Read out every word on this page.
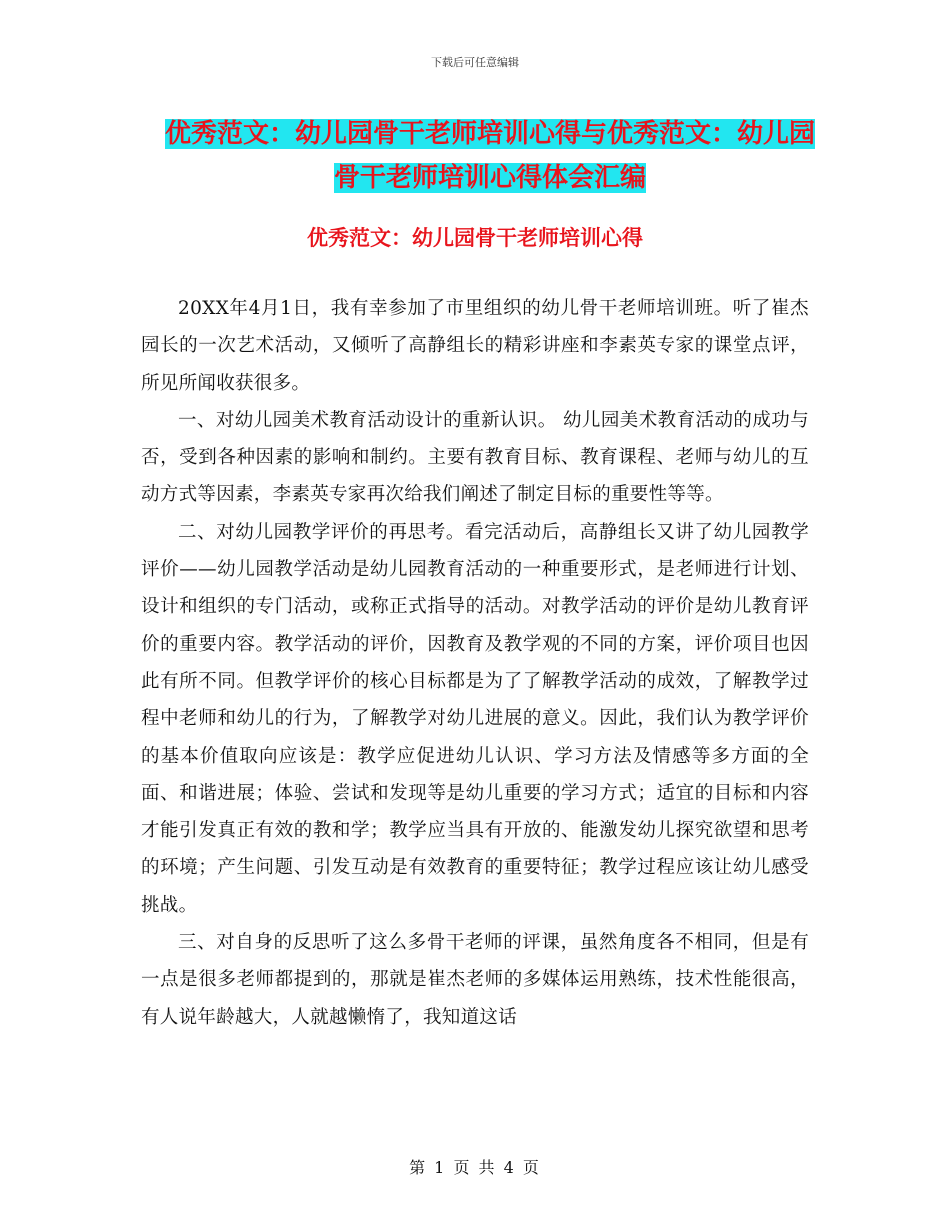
下载后可任意编辑
优秀范文：幼儿园骨干老师培训心得与优秀范文：幼儿园骨干老师培训心得体会汇编
优秀范文：幼儿园骨干老师培训心得

20XX年4月1日，我有幸参加了市里组织的幼儿骨干老师培训班。听了崔杰园长的一次艺术活动，又倾听了高静组长的精彩讲座和李素英专家的课堂点评，所见所闻收获很多。

一、对幼儿园美术教育活动设计的重新认识。 幼儿园美术教育活动的成功与否，受到各种因素的影响和制约。主要有教育目标、教育课程、老师与幼儿的互动方式等因素，李素英专家再次给我们阐述了制定目标的重要性等等。

二、对幼儿园教学评价的再思考。看完活动后，高静组长又讲了幼儿园教学评价——幼儿园教学活动是幼儿园教育活动的一种重要形式，是老师进行计划、设计和组织的专门活动，或称正式指导的活动。对教学活动的评价是幼儿教育评价的重要内容。教学活动的评价，因教育及教学观的不同的方案，评价项目也因此有所不同。但教学评价的核心目标都是为了了解教学活动的成效，了解教学过程中老师和幼儿的行为，了解教学对幼儿进展的意义。因此，我们认为教学评价的基本价值取向应该是：教学应促进幼儿认识、学习方法及情感等多方面的全面、和谐进展；体验、尝试和发现等是幼儿重要的学习方式；适宜的目标和内容才能引发真正有效的教和学；教学应当具有开放的、能激发幼儿探究欲望和思考的环境；产生问题、引发互动是有效教育的重要特征；教学过程应该让幼儿感受挑战。

三、对自身的反思听了这么多骨干老师的评课，虽然角度各不相同，但是有一点是很多老师都提到的，那就是崔杰老师的多媒体运用熟练，技术性能很高，有人说年龄越大，人就越懒惰了，我知道这话

第 1 页 共 4 页
